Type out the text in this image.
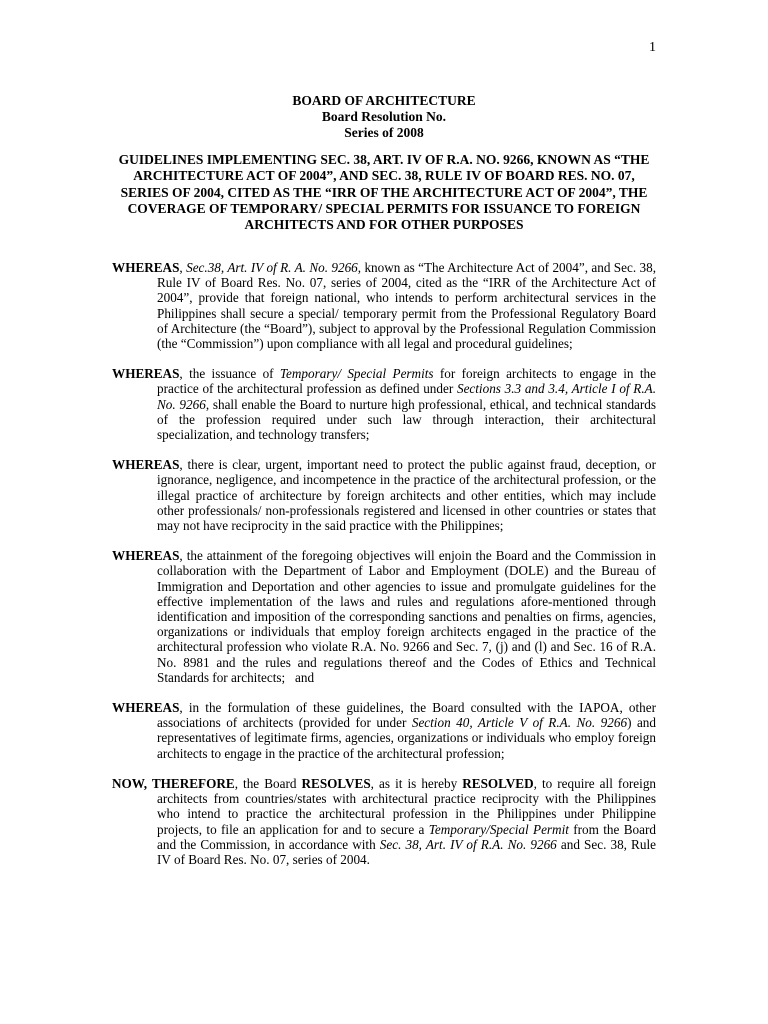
1
BOARD OF ARCHITECTURE
Board Resolution No.
Series of 2008
GUIDELINES IMPLEMENTING SEC. 38, ART. IV OF R.A. NO. 9266, KNOWN AS “THE ARCHITECTURE ACT OF 2004”, AND SEC. 38, RULE IV OF BOARD RES. NO. 07, SERIES OF 2004, CITED AS THE “IRR OF THE ARCHITECTURE ACT OF 2004”, THE COVERAGE OF TEMPORARY/ SPECIAL PERMITS FOR ISSUANCE TO FOREIGN ARCHITECTS AND FOR OTHER PURPOSES

WHEREAS, Sec.38, Art. IV of R. A. No. 9266, known as “The Architecture Act of 2004”, and Sec. 38, Rule IV of Board Res. No. 07, series of 2004, cited as the “IRR of the Architecture Act of 2004”, provide that foreign national, who intends to perform architectural services in the Philippines shall secure a special/ temporary permit from the Professional Regulatory Board of Architecture (the “Board”), subject to approval by the Professional Regulation Commission (the “Commission”) upon compliance with all legal and procedural guidelines;

WHEREAS, the issuance of Temporary/ Special Permits for foreign architects to engage in the practice of the architectural profession as defined under Sections 3.3 and 3.4, Article I of R.A. No. 9266, shall enable the Board to nurture high professional, ethical, and technical standards of the profession required under such law through interaction, their architectural specialization, and technology transfers;

WHEREAS, there is clear, urgent, important need to protect the public against fraud, deception, or ignorance, negligence, and incompetence in the practice of the architectural profession, or the illegal practice of architecture by foreign architects and other entities, which may include other professionals/ non-professionals registered and licensed in other countries or states that may not have reciprocity in the said practice with the Philippines;

WHEREAS, the attainment of the foregoing objectives will enjoin the Board and the Commission in collaboration with the Department of Labor and Employment (DOLE) and the Bureau of Immigration and Deportation and other agencies to issue and promulgate guidelines for the effective implementation of the laws and rules and regulations afore-mentioned through identification and imposition of the corresponding sanctions and penalties on firms, agencies, organizations or individuals that employ foreign architects engaged in the practice of the architectural profession who violate R.A. No. 9266 and Sec. 7, (j) and (l) and Sec. 16 of R.A. No. 8981 and the rules and regulations thereof and the Codes of Ethics and Technical Standards for architects;   and

WHEREAS, in the formulation of these guidelines, the Board consulted with the IAPOA, other associations of architects (provided for under Section 40, Article V of R.A. No. 9266) and representatives of legitimate firms, agencies, organizations or individuals who employ foreign architects to engage in the practice of the architectural profession;

NOW, THEREFORE, the Board RESOLVES, as it is hereby RESOLVED, to require all foreign architects from countries/states with architectural practice reciprocity with the Philippines who intend to practice the architectural profession in the Philippines under Philippine projects, to file an application for and to secure a Temporary/Special Permit from the Board and the Commission, in accordance with Sec. 38, Art. IV of R.A. No. 9266 and Sec. 38, Rule IV of Board Res. No. 07, series of 2004.
